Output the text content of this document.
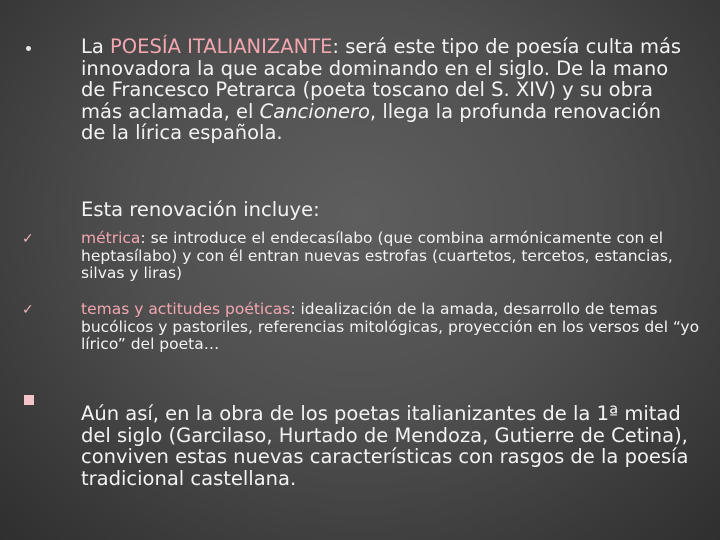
La POESÍA ITALIANIZANTE: será este tipo de poesía culta más innovadora la que acabe dominando en el siglo. De la mano de Francesco Petrarca (poeta toscano del S. XIV) y su obra más aclamada, el Cancionero, llega la profunda renovación de la lírica española.
Esta renovación incluye:
✓	métrica: se introduce el endecasílabo (que combina armónicamente con el heptasílabo) y con él entran nuevas estrofas (cuartetos, tercetos, estancias, silvas y liras)
✓	temas y actitudes poéticas: idealización de la amada, desarrollo de temas bucólicos y pastoriles, referencias mitológicas, proyección en los versos del “yo lírico” del poeta…
Aún así, en la obra de los poetas italianizantes de la 1ª mitad del siglo (Garcilaso, Hurtado de Mendoza, Gutierre de Cetina), conviven estas nuevas características con rasgos de la poesía tradicional castellana.
